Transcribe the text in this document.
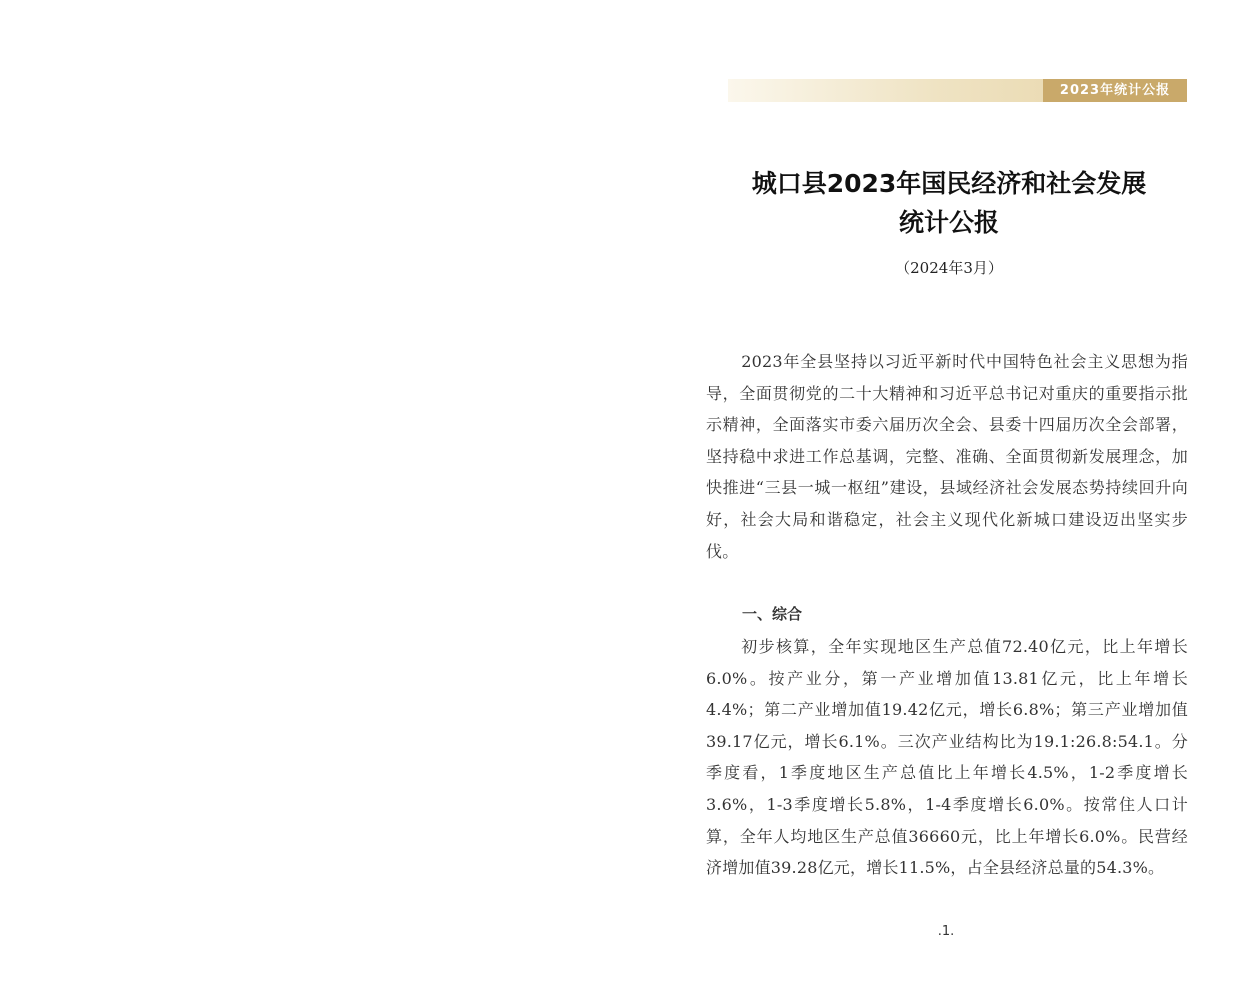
2023年统计公报
城口县2023年国民经济和社会发展
统计公报
（2024年3月）

2023年全县坚持以习近平新时代中国特色社会主义思想为指导，全面贯彻党的二十大精神和习近平总书记对重庆的重要指示批示精神，全面落实市委六届历次全会、县委十四届历次全会部署，坚持稳中求进工作总基调，完整、准确、全面贯彻新发展理念，加快推进“三县一城一枢纽”建设，县域经济社会发展态势持续回升向好，社会大局和谐稳定，社会主义现代化新城口建设迈出坚实步伐。

一、综合

初步核算，全年实现地区生产总值72.40亿元，比上年增长6.0%。按产业分，第一产业增加值13.81亿元，比上年增长4.4%；第二产业增加值19.42亿元，增长6.8%；第三产业增加值39.17亿元，增长6.1%。三次产业结构比为19.1:26.8:54.1。分季度看，1季度地区生产总值比上年增长4.5%，1-2季度增长3.6%，1-3季度增长5.8%，1-4季度增长6.0%。按常住人口计算，全年人均地区生产总值36660元，比上年增长6.0%。民营经济增加值39.28亿元，增长11.5%，占全县经济总量的54.3%。

.1.
